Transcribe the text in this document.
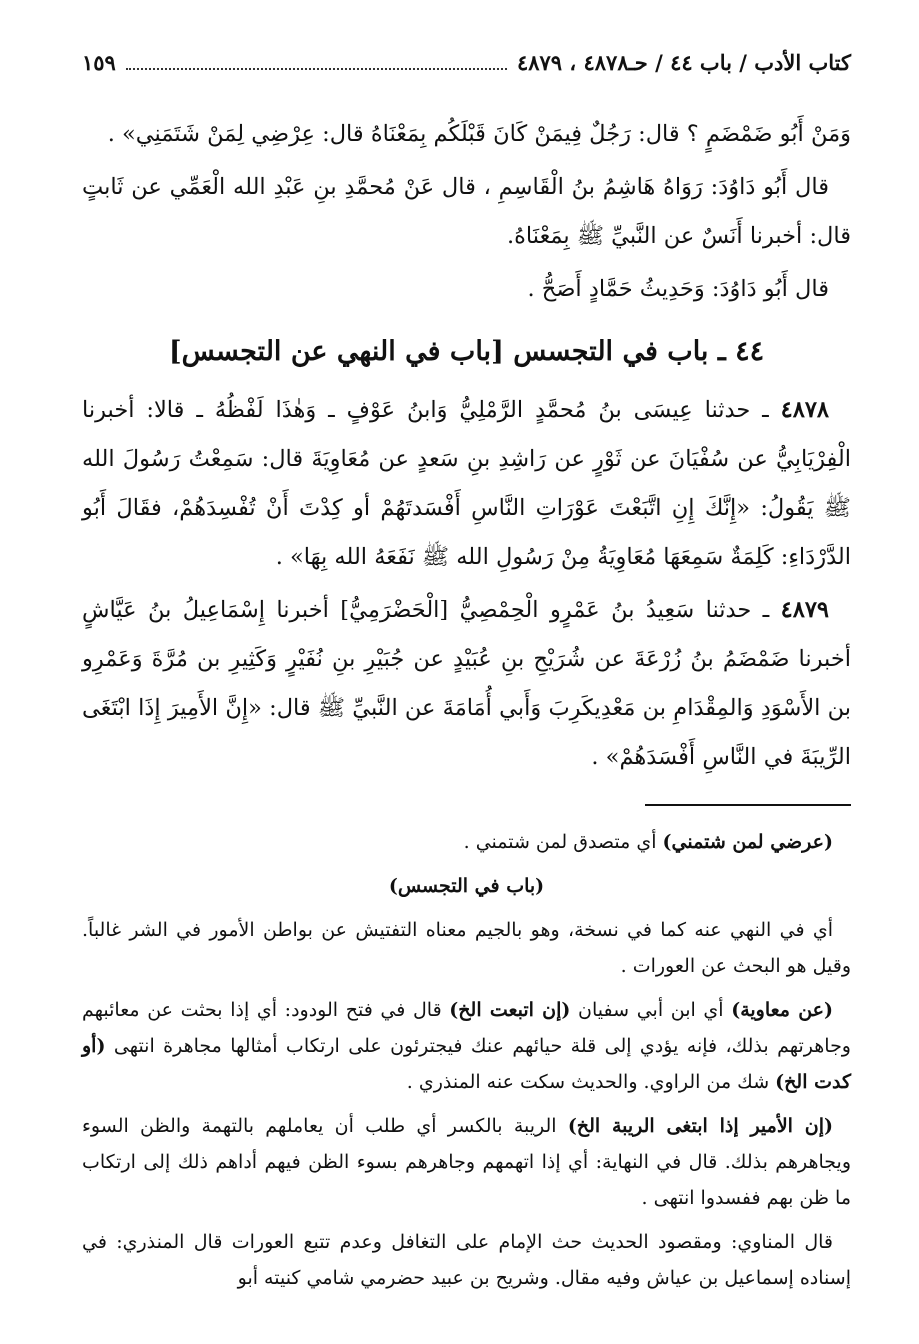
كتاب الأدب / باب ٤٤ / حـ٤٨٧٨ ، ٤٨٧٩
١٥٩

وَمَنْ أَبُو ضَمْضَمٍ ؟ قال: رَجُلٌ فِيمَنْ كَانَ قَبْلَكُم بِمَعْنَاهُ قال: عِرْضِي لِمَنْ شَتَمَنِي» .

قال أَبُو دَاوُدَ: رَوَاهُ هَاشِمُ بنُ الْقَاسِمِ ، قال عَنْ مُحمَّدِ بنِ عَبْدِ الله الْعَمِّي عن ثَابتٍ قال: أخبرنا أَنَسٌ عن النَّبيِّ ﷺ بِمَعْنَاهُ.

قال أَبُو دَاوُدَ: وَحَدِيثُ حَمَّادٍ أَصَحُّ .

٤٤ ـ باب في التجسس [باب في النهي عن التجسس]

٤٨٧٨ ـ حدثنا عِيسَى بنُ مُحمَّدٍ الرَّمْلِيُّ وَابنُ عَوْفٍ ـ وَهٰذَا لَفْظُهُ ـ قالا: أخبرنا الْفِرْيَابِيُّ عن سُفْيَانَ عن ثَوْرٍ عن رَاشِدِ بنِ سَعدٍ عن مُعَاوِيَةَ قال: سَمِعْتُ رَسُولَ الله ﷺ يَقُولُ: «إِنَّكَ إِنِ اتَّبَعْتَ عَوْرَاتِ النَّاسِ أَفْسَدتَهُمْ أو كِدْتَ أَنْ تُفْسِدَهُمْ، فقَالَ أَبُو الدَّرْدَاءِ: كَلِمَةٌ سَمِعَهَا مُعَاوِيَةُ مِنْ رَسُولِ الله ﷺ نَفَعَهُ الله بِهَا» .

٤٨٧٩ ـ حدثنا سَعِيدُ بنُ عَمْرٍو الْحِمْصِيُّ [الْحَضْرَمِيُّ] أخبرنا إِسْمَاعِيلُ بنُ عَيَّاشٍ أخبرنا ضَمْضَمُ بنُ زُرْعَةَ عن شُرَيْحِ بنِ عُبَيْدٍ عن جُبَيْرِ بنِ نُفَيْرٍ وَكَثِيرِ بن مُرَّةَ وَعَمْرِو بن الأَسْوَدِ وَالمِقْدَامِ بن مَعْدِيكَرِبَ وَأَبي أُمَامَةَ عن النَّبيِّ ﷺ قال: «إِنَّ الأَمِيرَ إِذَا ابْتَغَى الرِّيبَةَ في النَّاسِ أَفْسَدَهُمْ» .

(عرضي لمن شتمني) أي متصدق لمن شتمني .

(باب في التجسس)

أي في النهي عنه كما في نسخة، وهو بالجيم معناه التفتيش عن بواطن الأمور في الشر غالباً. وقيل هو البحث عن العورات .

(عن معاوية) أي ابن أبي سفيان (إن اتبعت الخ) قال في فتح الودود: أي إذا بحثت عن معائبهم وجاهرتهم بذلك، فإنه يؤدي إلى قلة حيائهم عنك فيجترئون على ارتكاب أمثالها مجاهرة انتهى (أو كدت الخ) شك من الراوي. والحديث سكت عنه المنذري .

(إن الأمير إذا ابتغى الريبة الخ) الريبة بالكسر أي طلب أن يعاملهم بالتهمة والظن السوء ويجاهرهم بذلك. قال في النهاية: أي إذا اتهمهم وجاهرهم بسوء الظن فيهم أداهم ذلك إلى ارتكاب ما ظن بهم ففسدوا انتهى .

قال المناوي: ومقصود الحديث حث الإمام على التغافل وعدم تتبع العورات قال المنذري: في إسناده إسماعيل بن عياش وفيه مقال. وشريح بن عبيد حضرمي شامي كنيته أبو
